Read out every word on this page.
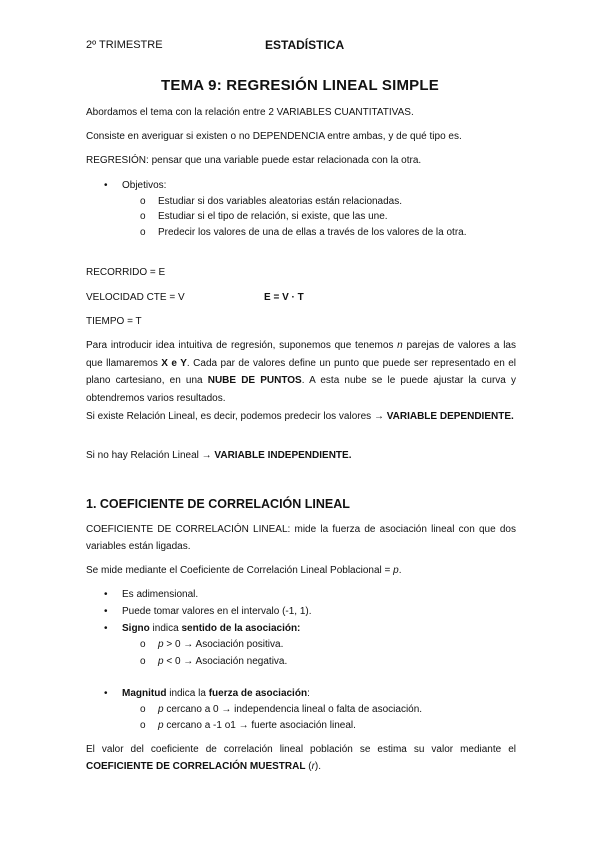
2º TRIMESTRE	ESTADÍSTICA
TEMA 9: REGRESIÓN LINEAL SIMPLE
Abordamos el tema con la relación entre 2 VARIABLES CUANTITATIVAS.
Consiste en averiguar si existen o no DEPENDENCIA entre ambas, y de qué tipo es.
REGRESIÓN: pensar que una variable puede estar relacionada con la otra.
• Objetivos:
o Estudiar si dos variables aleatorias están relacionadas.
o Estudiar si el tipo de relación, si existe, que las une.
o Predecir los valores de una de ellas a través de los valores de la otra.
RECORRIDO = E
VELOCIDAD CTE = V	E = V · T
TIEMPO = T
Para introducir idea intuitiva de regresión, suponemos que tenemos n parejas de valores a las que llamaremos X e Y. Cada par de valores define un punto que puede ser representado en el plano cartesiano, en una NUBE DE PUNTOS. A esta nube se le puede ajustar la curva y obtendremos varios resultados.
Si existe Relación Lineal, es decir, podemos predecir los valores → VARIABLE DEPENDIENTE.
Si no hay Relación Lineal → VARIABLE INDEPENDIENTE.
1. COEFICIENTE DE CORRELACIÓN LINEAL
COEFICIENTE DE CORRELACIÓN LINEAL: mide la fuerza de asociación lineal con que dos variables están ligadas.
Se mide mediante el Coeficiente de Correlación Lineal Poblacional = p.
• Es adimensional.
• Puede tomar valores en el intervalo (-1, 1).
• Signo indica sentido de la asociación:
o p > 0 → Asociación positiva.
o p < 0 → Asociación negativa.
• Magnitud indica la fuerza de asociación:
o p cercano a 0 → independencia lineal o falta de asociación.
o p cercano a -1 o1 → fuerte asociación lineal.
El valor del coeficiente de correlación lineal población se estima su valor mediante el COEFICIENTE DE CORRELACIÓN MUESTRAL (r).
